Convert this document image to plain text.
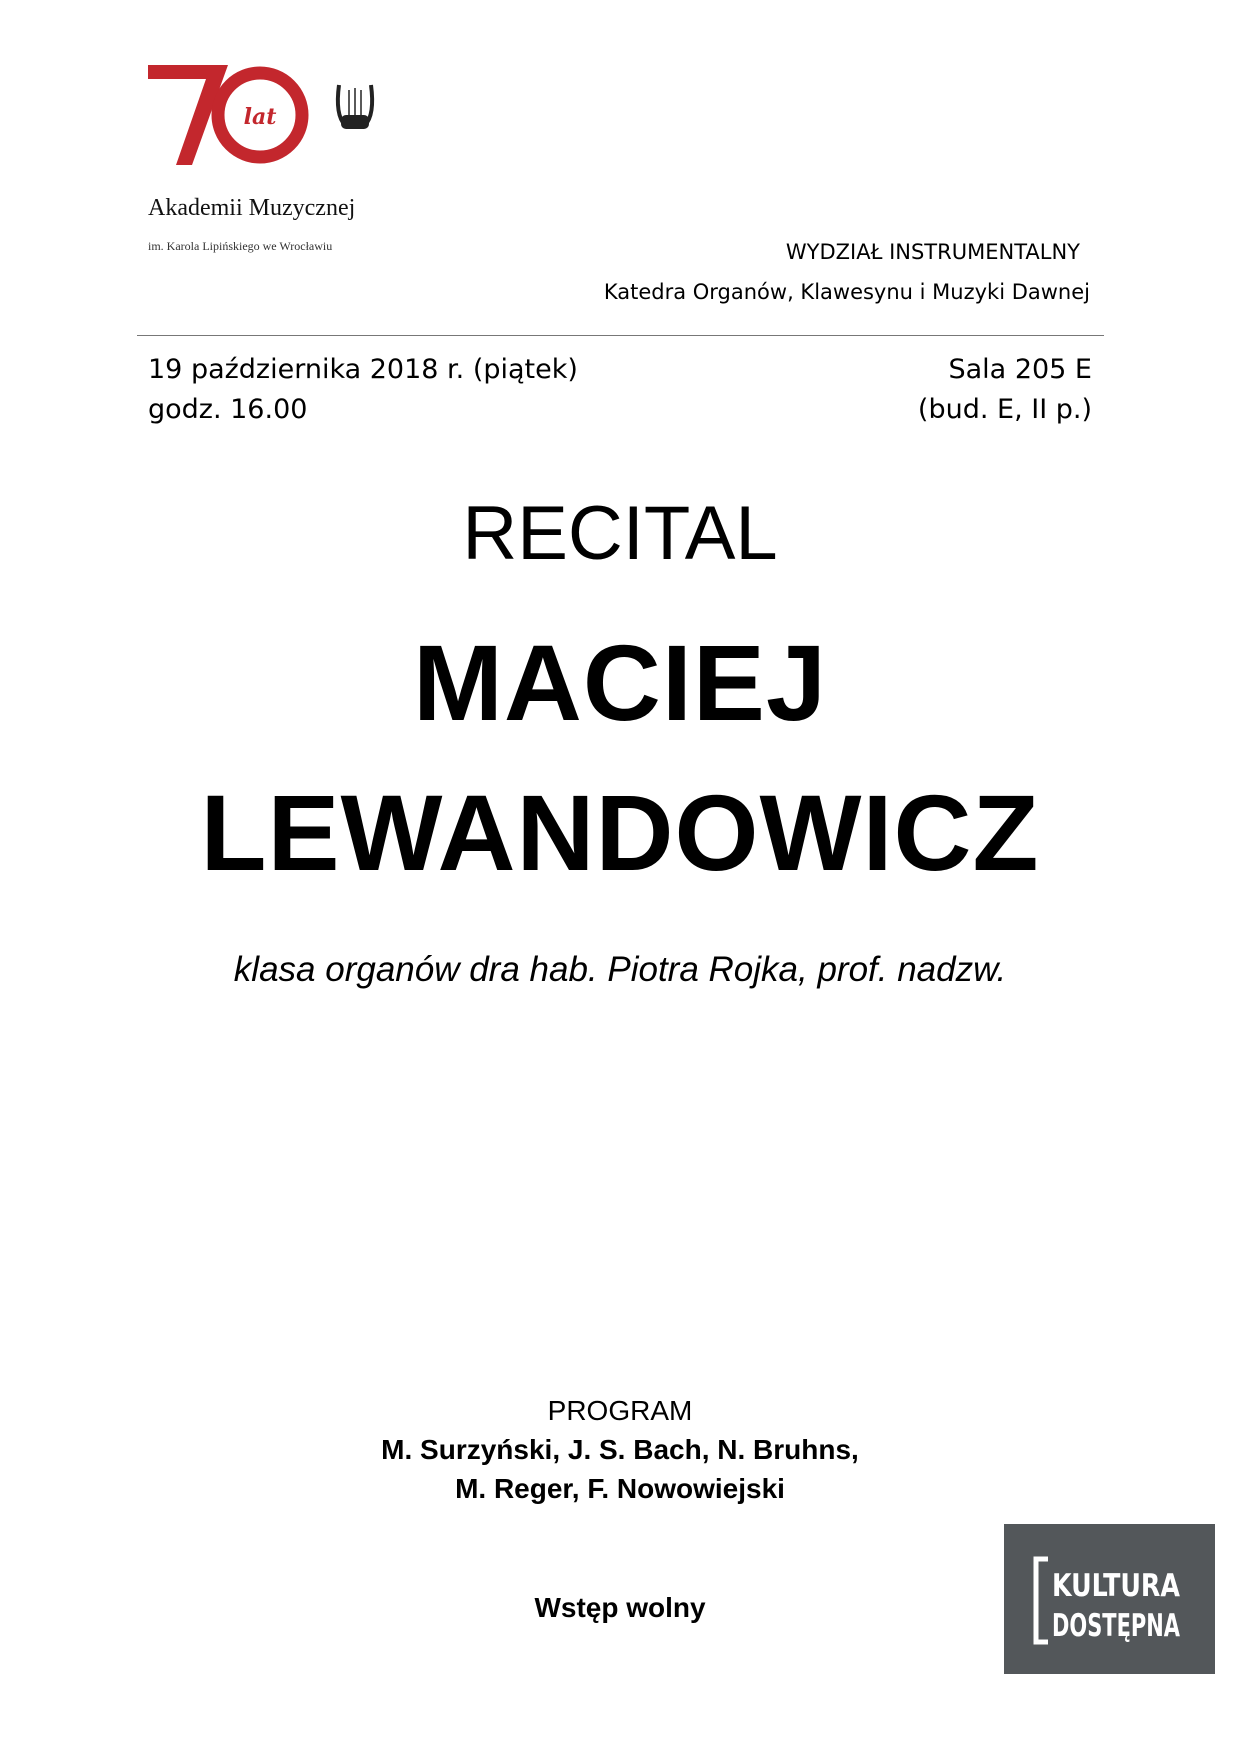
lat
Akademii Muzycznej
im. Karola Lipińskiego we Wrocławiu	WYDZIAŁ INSTRUMENTALNY
Katedra Organów, Klawesynu i Muzyki Dawnej
19 października 2018 r. (piątek)
godz. 16.00
Sala 205 E
(bud. E, II p.)
RECITAL
MACIEJ
LEWANDOWICZ
klasa organów dra hab. Piotra Rojka, prof. nadzw.
PROGRAM
M. Surzyński, J. S. Bach, N. Bruhns,
M. Reger, F. Nowowiejski
Wstęp wolny
KULTURA
DOSTĘPNA
